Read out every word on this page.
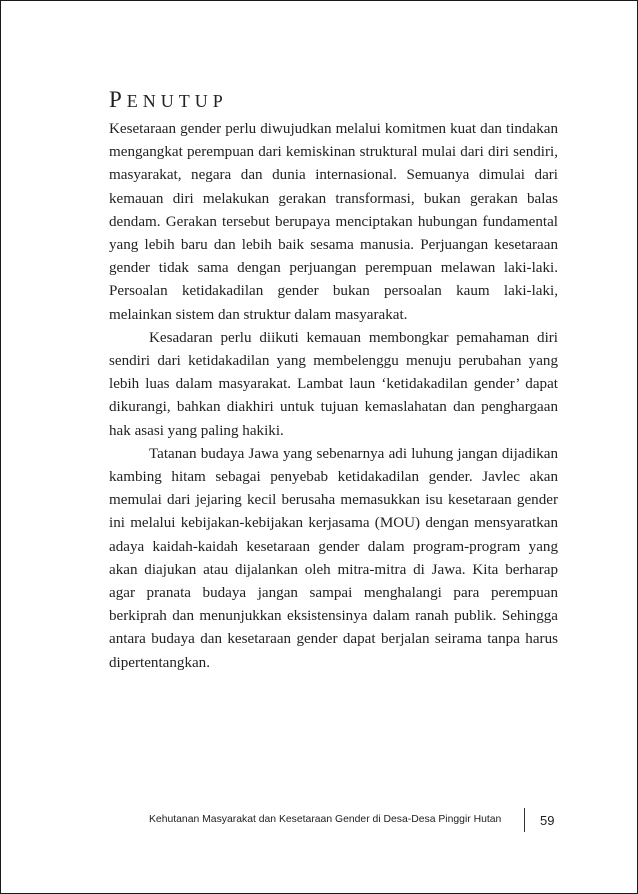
PENUTUP

Kesetaraan gender perlu diwujudkan melalui komitmen kuat dan tindakan mengangkat perempuan dari kemiskinan struktural mulai dari diri sendiri, masyarakat, negara dan dunia internasional. Semuanya dimulai dari kemauan diri melakukan gerakan transformasi, bukan gerakan balas dendam. Gerakan tersebut berupaya menciptakan hubungan fundamental yang lebih baru dan lebih baik sesama manusia. Perjuangan kesetaraan gender tidak sama dengan perjuangan perempuan melawan laki-laki. Persoalan ketidakadilan gender bukan persoalan kaum laki-laki, melainkan sistem dan struktur dalam masyarakat.

Kesadaran perlu diikuti kemauan membongkar pemahaman diri sendiri dari ketidakadilan yang membelenggu menuju perubahan yang lebih luas dalam masyarakat. Lambat laun ‘ketidakadilan gender’ dapat dikurangi, bahkan diakhiri untuk tujuan kemaslahatan dan penghargaan hak asasi yang paling hakiki.

Tatanan budaya Jawa yang sebenarnya adi luhung jangan dijadikan kambing hitam sebagai penyebab ketidakadilan gender. Javlec akan memulai dari jejaring kecil berusaha memasukkan isu kesetaraan gender ini melalui kebijakan-kebijakan kerjasama (MOU) dengan mensyaratkan adaya kaidah-kaidah kesetaraan gender dalam program-program yang akan diajukan atau dijalankan oleh mitra-mitra di Jawa. Kita berharap agar pranata budaya jangan sampai menghalangi para perempuan berkiprah dan menunjukkan eksistensinya dalam ranah publik. Sehingga antara budaya dan kesetaraan gender dapat berjalan seirama tanpa harus dipertentangkan.

Kehutanan Masyarakat dan Kesetaraan Gender di Desa-Desa Pinggir Hutan	59
